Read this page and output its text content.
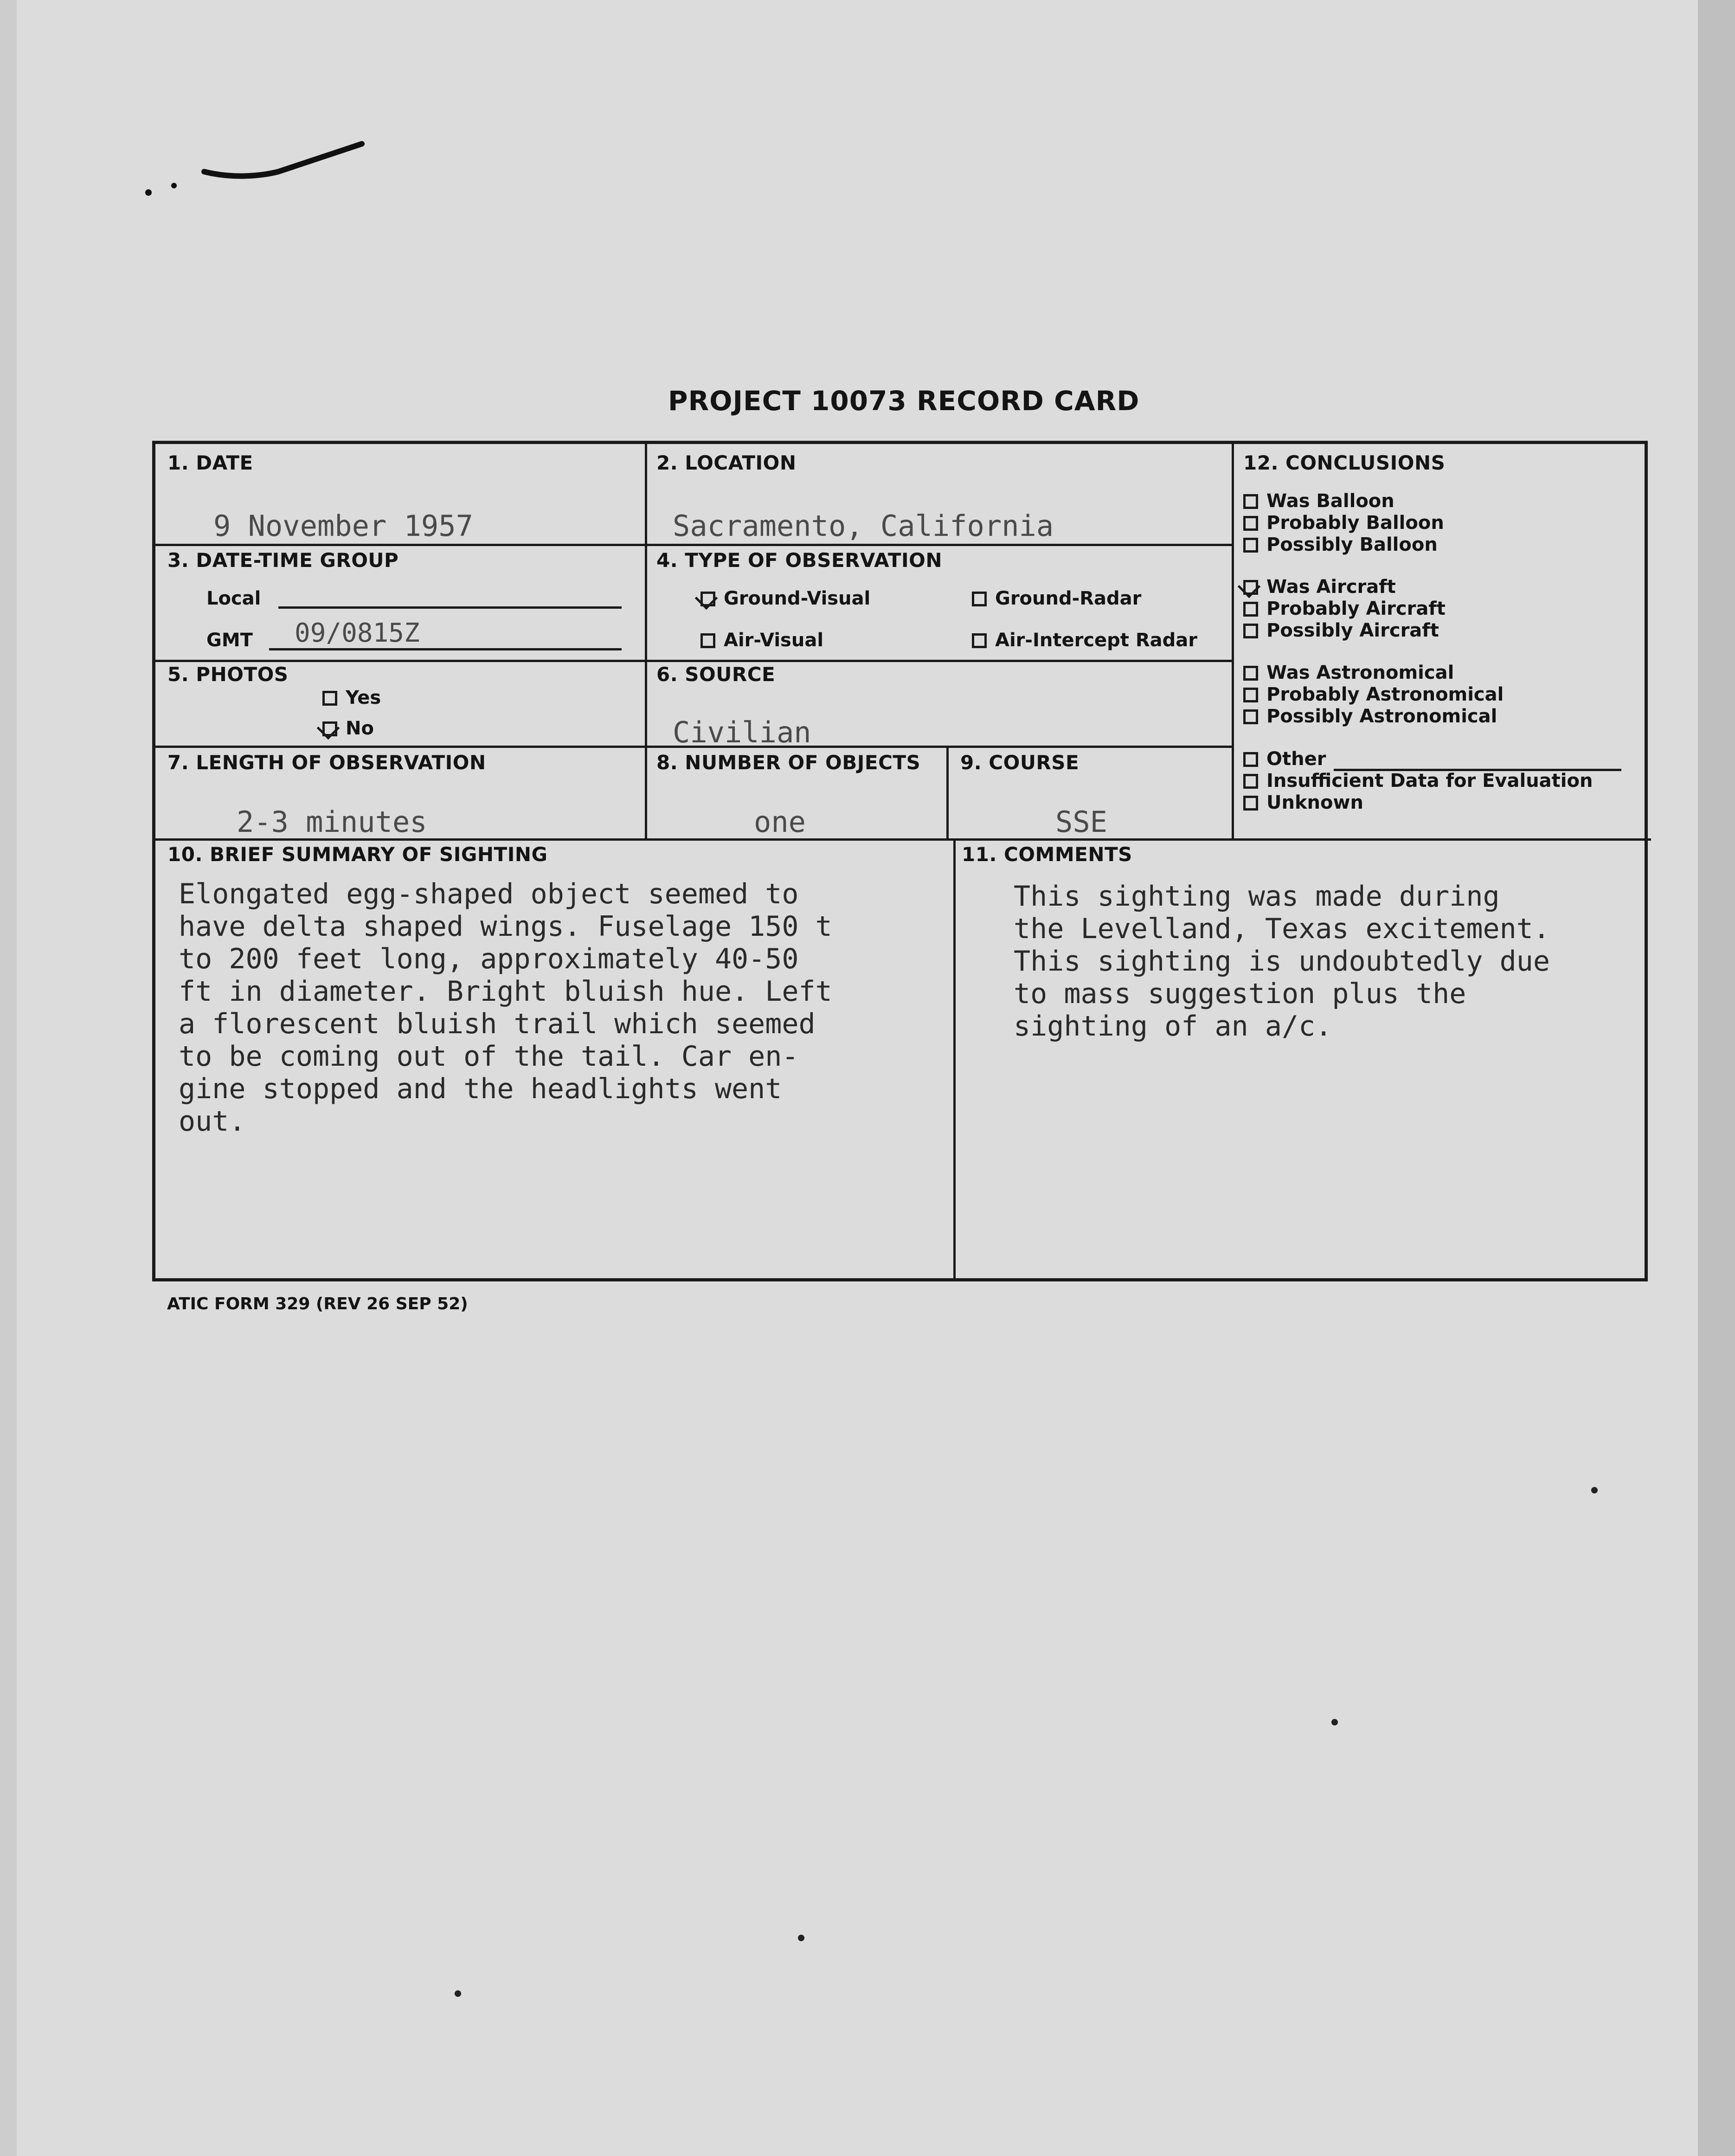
PROJECT 10073 RECORD CARD
1. DATE
9 November 1957
2. LOCATION
Sacramento, California
3. DATE-TIME GROUP
Local
GMT 09/0815Z
4. TYPE OF OBSERVATION
Ground-Visual	Ground-Radar
Air-Visual	Air-Intercept Radar
5. PHOTOS
Yes
No
6. SOURCE
Civilian
7. LENGTH OF OBSERVATION
2-3 minutes
8. NUMBER OF OBJECTS
one
9. COURSE
SSE
12. CONCLUSIONS
Was Balloon
Probably Balloon
Possibly Balloon
Was Aircraft
Probably Aircraft
Possibly Aircraft
Was Astronomical
Probably Astronomical
Possibly Astronomical
Other
Insufficient Data for Evaluation
Unknown
10. BRIEF SUMMARY OF SIGHTING
Elongated egg-shaped object seemed to
have delta shaped wings. Fuselage 150 t
to 200 feet long, approximately 40-50
ft in diameter. Bright bluish hue. Left
a florescent bluish trail which seemed
to be coming out of the tail. Car en-
gine stopped and the headlights went
out.
11. COMMENTS
This sighting was made during
the Levelland, Texas excitement.
This sighting is undoubtedly due
to mass suggestion plus the
sighting of an a/c.
ATIC FORM 329 (REV 26 SEP 52)
